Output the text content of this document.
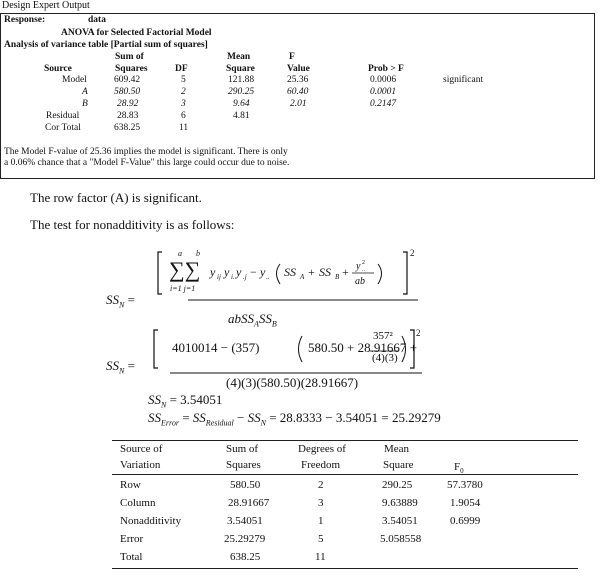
Design Expert Output
Response:	data
ANOVA for Selected Factorial Model
Analysis of variance table [Partial sum of squares]
Sum of	Mean	F
Source	Squares	DF	Square	Value	Prob > F
Model	609.42	5	121.88	25.36	0.0006	significant
A	580.50	2	290.25	60.40	0.0001
B	28.92	3	9.64	2.01	0.2147
Residual	28.83	6	4.81
Cor Total	638.25	11
The Model F-value of 25.36 implies the model is significant. There is only
a 0.06% chance that a "Model F-Value" this large could occur due to noise.
The row factor (A) is significant.
The test for nonadditivity is as follows:
2
a b
∑∑
i=1 j=1
y ij y i. y .j − y .. SS A + SS B + y 2
..
ab
$SS_N$ =
$abSS_ASS_B$
2
4010014 − (357)	580.50 + 28.91667 +
357²
(4)(3)
$SS_N$ =
(4)(3)(580.50)(28.91667)
$SS_N = 3.54051$
$SS_{Error} = SS_{Residual} - SS_N = 28.8333 - 3.54051 = 25.29279$
Source of	Sum of	Degrees of	Mean
Variation	Squares	Freedom	Square	$F_0$
Row	580.50	2	290.25	57.3780
Column	28.91667	3	9.63889	1.9054
Nonadditivity	3.54051	1	3.54051	0.6999
Error	25.29279	5	5.058558
Total	638.25	11
